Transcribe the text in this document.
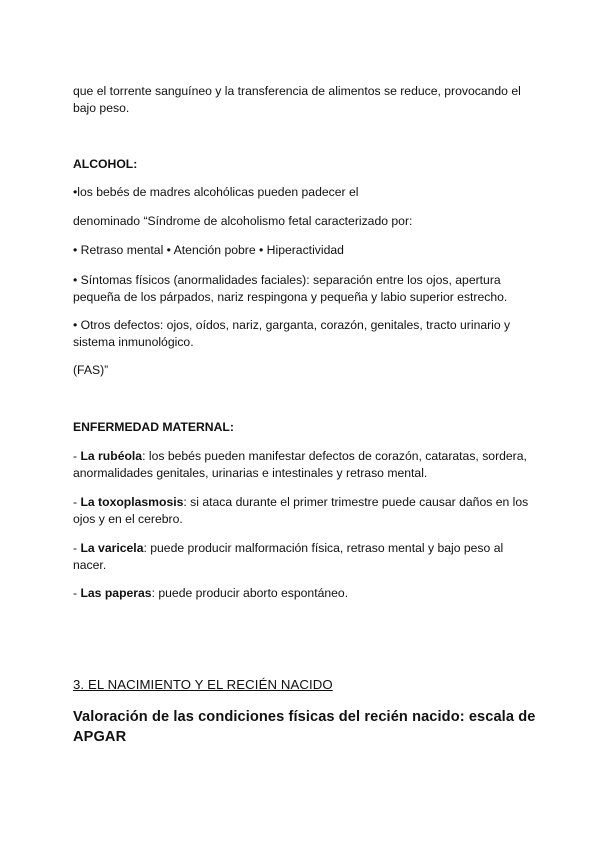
que el torrente sanguíneo y la transferencia de alimentos se reduce, provocando el
bajo peso.

ALCOHOL:

•los bebés de madres alcohólicas pueden padecer el

denominado “Síndrome de alcoholismo fetal caracterizado por:

• Retraso mental • Atención pobre • Hiperactividad

• Síntomas físicos (anormalidades faciales): separación entre los ojos, apertura
pequeña de los párpados, nariz respingona y pequeña y labio superior estrecho.

• Otros defectos: ojos, oídos, nariz, garganta, corazón, genitales, tracto urinario y
sistema inmunológico.

(FAS)”

ENFERMEDAD MATERNAL:

- La rubéola: los bebés pueden manifestar defectos de corazón, cataratas, sordera,
anormalidades genitales, urinarias e intestinales y retraso mental.

- La toxoplasmosis: si ataca durante el primer trimestre puede causar daños en los
ojos y en el cerebro.

- La varicela: puede producir malformación física, retraso mental y bajo peso al
nacer.

- Las paperas: puede producir aborto espontáneo.

3. EL NACIMIENTO Y EL RECIÉN NACIDO

Valoración de las condiciones físicas del recién nacido: escala de
APGAR
